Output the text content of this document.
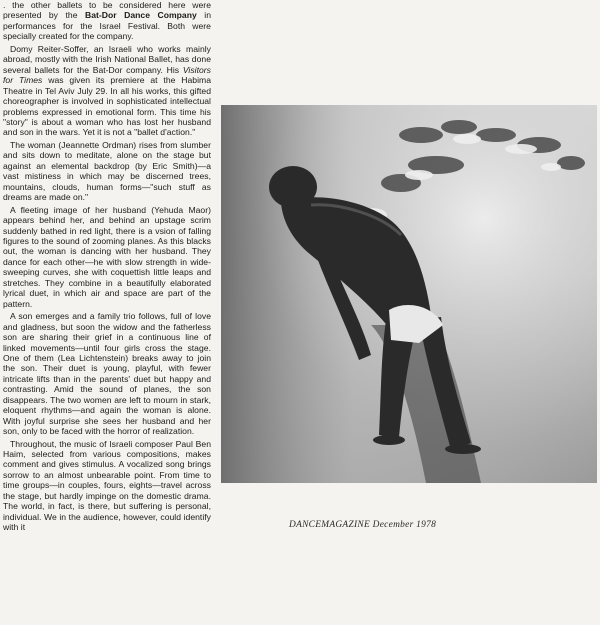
. the other ballets to be considered here were presented by the Bat-Dor Dance Company in performances for the Israel Festival. Both were specially created for the company.

Domy Reiter-Soffer, an Israeli who works mainly abroad, mostly with the Irish National Ballet, has done several ballets for the Bat-Dor company. His Visitors for Times was given its premiere at the Habima Theatre in Tel Aviv July 29. In all his works, this gifted choreographer is involved in sophisticated intellectual problems expressed in emotional form. This time his "story" is about a woman who has lost her husband and son in the wars. Yet it is not a "ballet d'action."

The woman (Jeannette Ordman) rises from slumber and sits down to meditate, alone on the stage but against an elemental backdrop (by Eric Smith)—a vast mistiness in which may be discerned trees, mountains, clouds, human forms—"such stuff as dreams are made on."

A fleeting image of her husband (Yehuda Maor) appears behind her, and behind an upstage scrim suddenly bathed in red light, there is a vsion of falling figures to the sound of zooming planes. As this blacks out, the woman is dancing with her husband. They dance for each other—he with slow strength in wide-sweeping curves, she with coquettish little leaps and stretches. They combine in a beautifully elaborated lyrical duet, in which air and space are part of the pattern.

A son emerges and a family trio follows, full of love and gladness, but soon the widow and the fatherless son are sharing their grief in a continuous line of linked movements—until four girls cross the stage. One of them (Lea Lichtenstein) breaks away to join the son. Their duet is young, playful, with fewer intricate lifts than in the parents' duet but happy and contrasting. Amid the sound of planes, the son disappears. The two women are left to mourn in stark, eloquent rhythms—and again the woman is alone. With joyful surprise she sees her husband and her son, only to be faced with the horror of realization.

Throughout, the music of Israeli composer Paul Ben Haim, selected from various compositions, makes comment and gives stimulus. A vocalized song brings sorrow to an almost unbearable point. From time to time groups—in couples, fours, eights—travel across the stage, but hardly impinge on the domestic drama. The world, in fact, is there, but suffering is personal, individual. We in the audience, however, could identify with it	DANCEMAGAZINE December 1978
